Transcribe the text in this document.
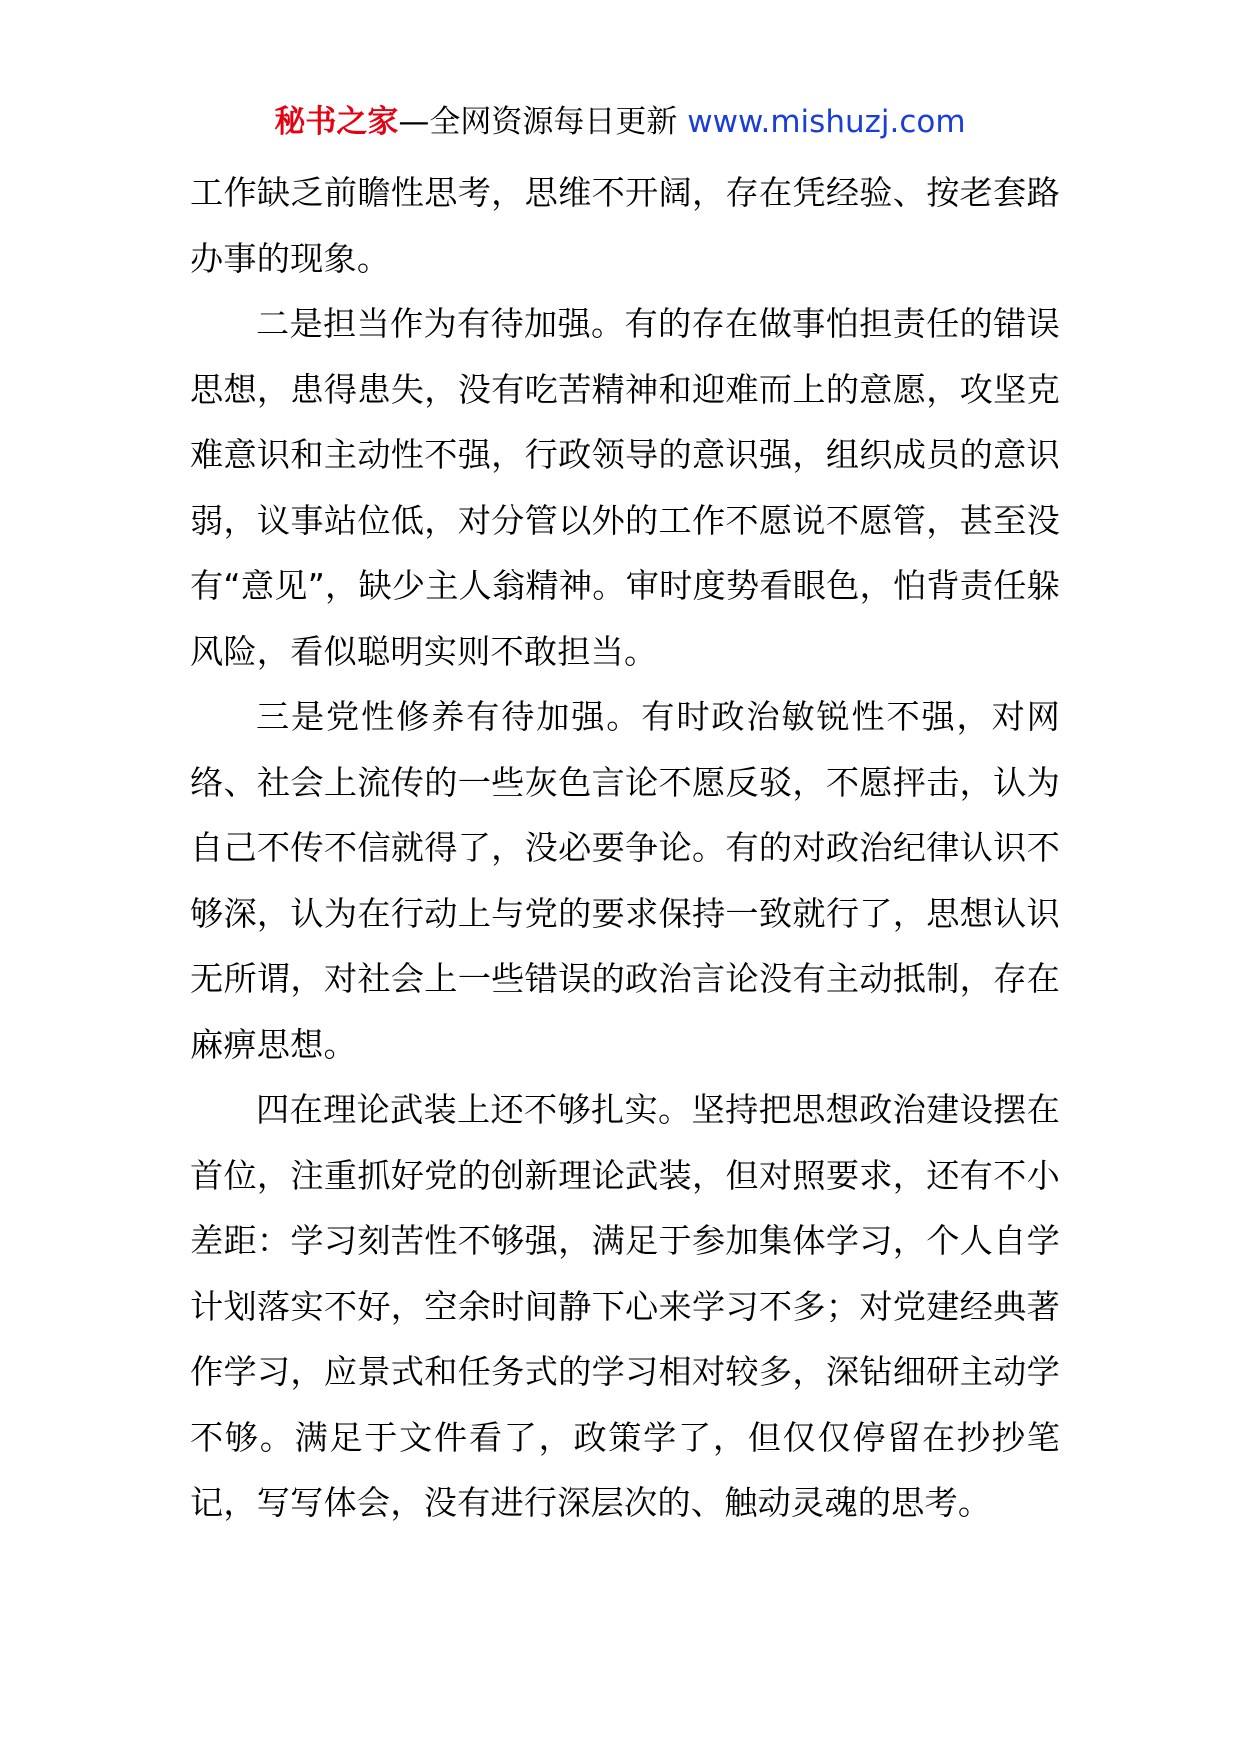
秘书之家—全网资源每日更新 www.mishuzj.com

工作缺乏前瞻性思考，思维不开阔，存在凭经验、按老套路办事的现象。

二是担当作为有待加强。有的存在做事怕担责任的错误思想，患得患失，没有吃苦精神和迎难而上的意愿，攻坚克难意识和主动性不强，行政领导的意识强，组织成员的意识弱，议事站位低，对分管以外的工作不愿说不愿管，甚至没有“意见”，缺少主人翁精神。审时度势看眼色，怕背责任躲风险，看似聪明实则不敢担当。

三是党性修养有待加强。有时政治敏锐性不强，对网络、社会上流传的一些灰色言论不愿反驳，不愿抨击，认为自己不传不信就得了，没必要争论。有的对政治纪律认识不够深，认为在行动上与党的要求保持一致就行了，思想认识无所谓，对社会上一些错误的政治言论没有主动抵制，存在麻痹思想。

四在理论武装上还不够扎实。坚持把思想政治建设摆在首位，注重抓好党的创新理论武装，但对照要求，还有不小差距：学习刻苦性不够强，满足于参加集体学习，个人自学计划落实不好，空余时间静下心来学习不多；对党建经典著作学习，应景式和任务式的学习相对较多，深钻细研主动学不够。满足于文件看了，政策学了，但仅仅停留在抄抄笔记，写写体会，没有进行深层次的、触动灵魂的思考。
